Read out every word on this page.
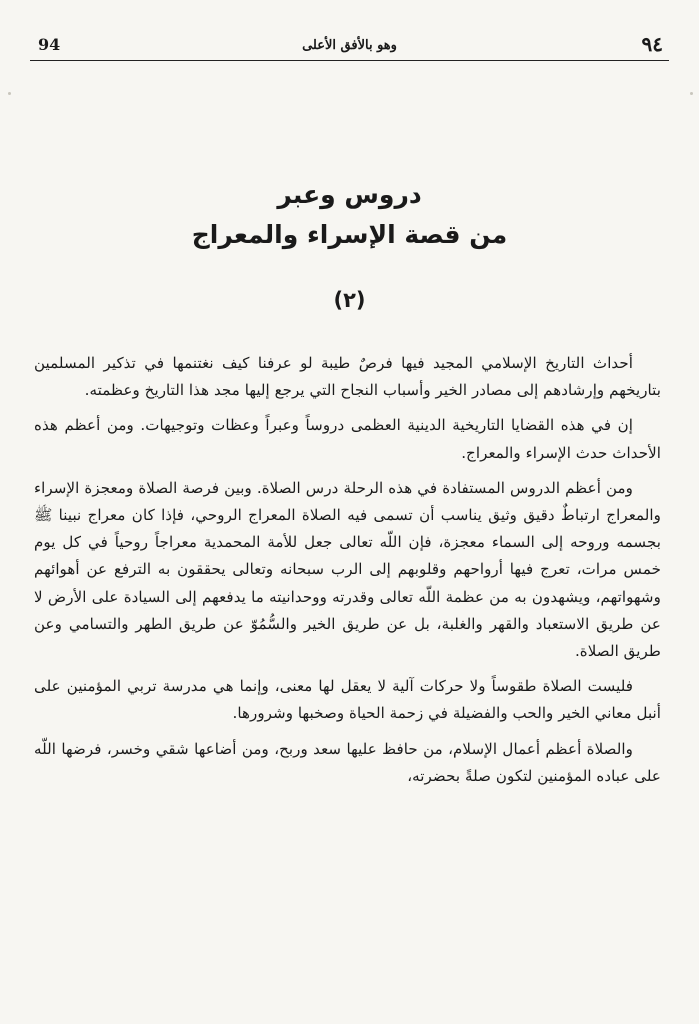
٩٤
وهو بالأفق الأعلى
94
دروس وعبر
من قصة الإسراء والمعراج
(٢)

أحداث التاريخ الإسلامي المجيد فيها فرصٌ طيبة لو عرفنا كيف نغتنمها في تذكير المسلمين بتاريخهم وإرشادهم إلى مصادر الخير وأسباب النجاح التي يرجع إليها مجد هذا التاريخ وعظمته.

إن في هذه القضايا التاريخية الدينية العظمى دروساً وعبراً وعظات وتوجيهات. ومن أعظم هذه الأحداث حدث الإسراء والمعراج.

ومن أعظم الدروس المستفادة في هذه الرحلة درس الصلاة. وبين فرصة الصلاة ومعجزة الإسراء والمعراج ارتباطٌ دقيق وثيق يناسب أن تسمى فيه الصلاة المعراج الروحي، فإذا كان معراج نبينا ﷺ بجسمه وروحه إلى السماء معجزة، فإن اللّه تعالى جعل للأمة المحمدية معراجاً روحياً في كل يوم خمس مرات، تعرج فيها أرواحهم وقلوبهم إلى الرب سبحانه وتعالى يحققون به الترفع عن أهوائهم وشهواتهم، ويشهدون به من عظمة اللّه تعالى وقدرته ووحدانيته ما يدفعهم إلى السيادة على الأرض لا عن طريق الاستعباد والقهر والغلبة، بل عن طريق الخير والسُّمُوّ عن طريق الطهر والتسامي وعن طريق الصلاة.

فليست الصلاة طقوساً ولا حركات آلية لا يعقل لها معنى، وإنما هي مدرسة تربي المؤمنين على أنبل معاني الخير والحب والفضيلة في زحمة الحياة وصخبها وشرورها.

والصلاة أعظم أعمال الإسلام، من حافظ عليها سعد وربح، ومن أضاعها شقي وخسر، فرضها اللّه على عباده المؤمنين لتكون صلةً بحضرته،
